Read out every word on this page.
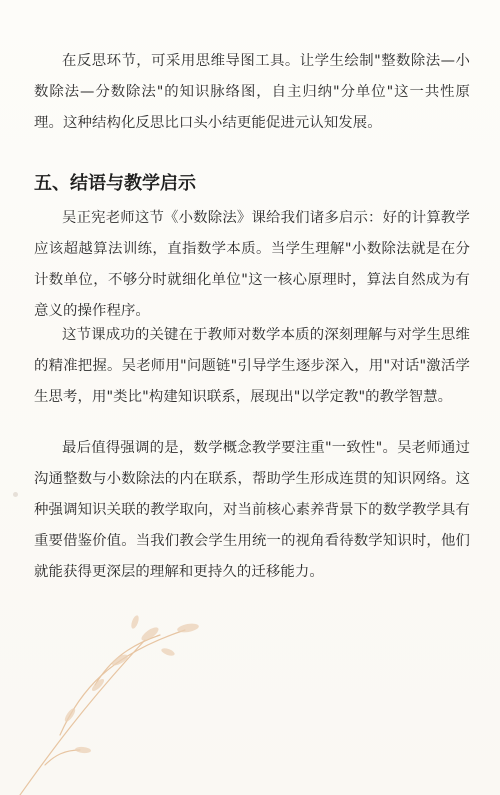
在反思环节，可采用思维导图工具。让学生绘制"整数除法—小数除法—分数除法"的知识脉络图，自主归纳"分单位"这一共性原理。这种结构化反思比口头小结更能促进元认知发展。

五、结语与教学启示

吴正宪老师这节《小数除法》课给我们诸多启示：好的计算教学应该超越算法训练，直指数学本质。当学生理解"小数除法就是在分计数单位，不够分时就细化单位"这一核心原理时，算法自然成为有意义的操作程序。

这节课成功的关键在于教师对数学本质的深刻理解与对学生思维的精准把握。吴老师用"问题链"引导学生逐步深入，用"对话"激活学生思考，用"类比"构建知识联系，展现出"以学定教"的教学智慧。

最后值得强调的是，数学概念教学要注重"一致性"。吴老师通过沟通整数与小数除法的内在联系，帮助学生形成连贯的知识网络。这种强调知识关联的教学取向，对当前核心素养背景下的数学教学具有重要借鉴价值。当我们教会学生用统一的视角看待数学知识时，他们就能获得更深层的理解和更持久的迁移能力。
